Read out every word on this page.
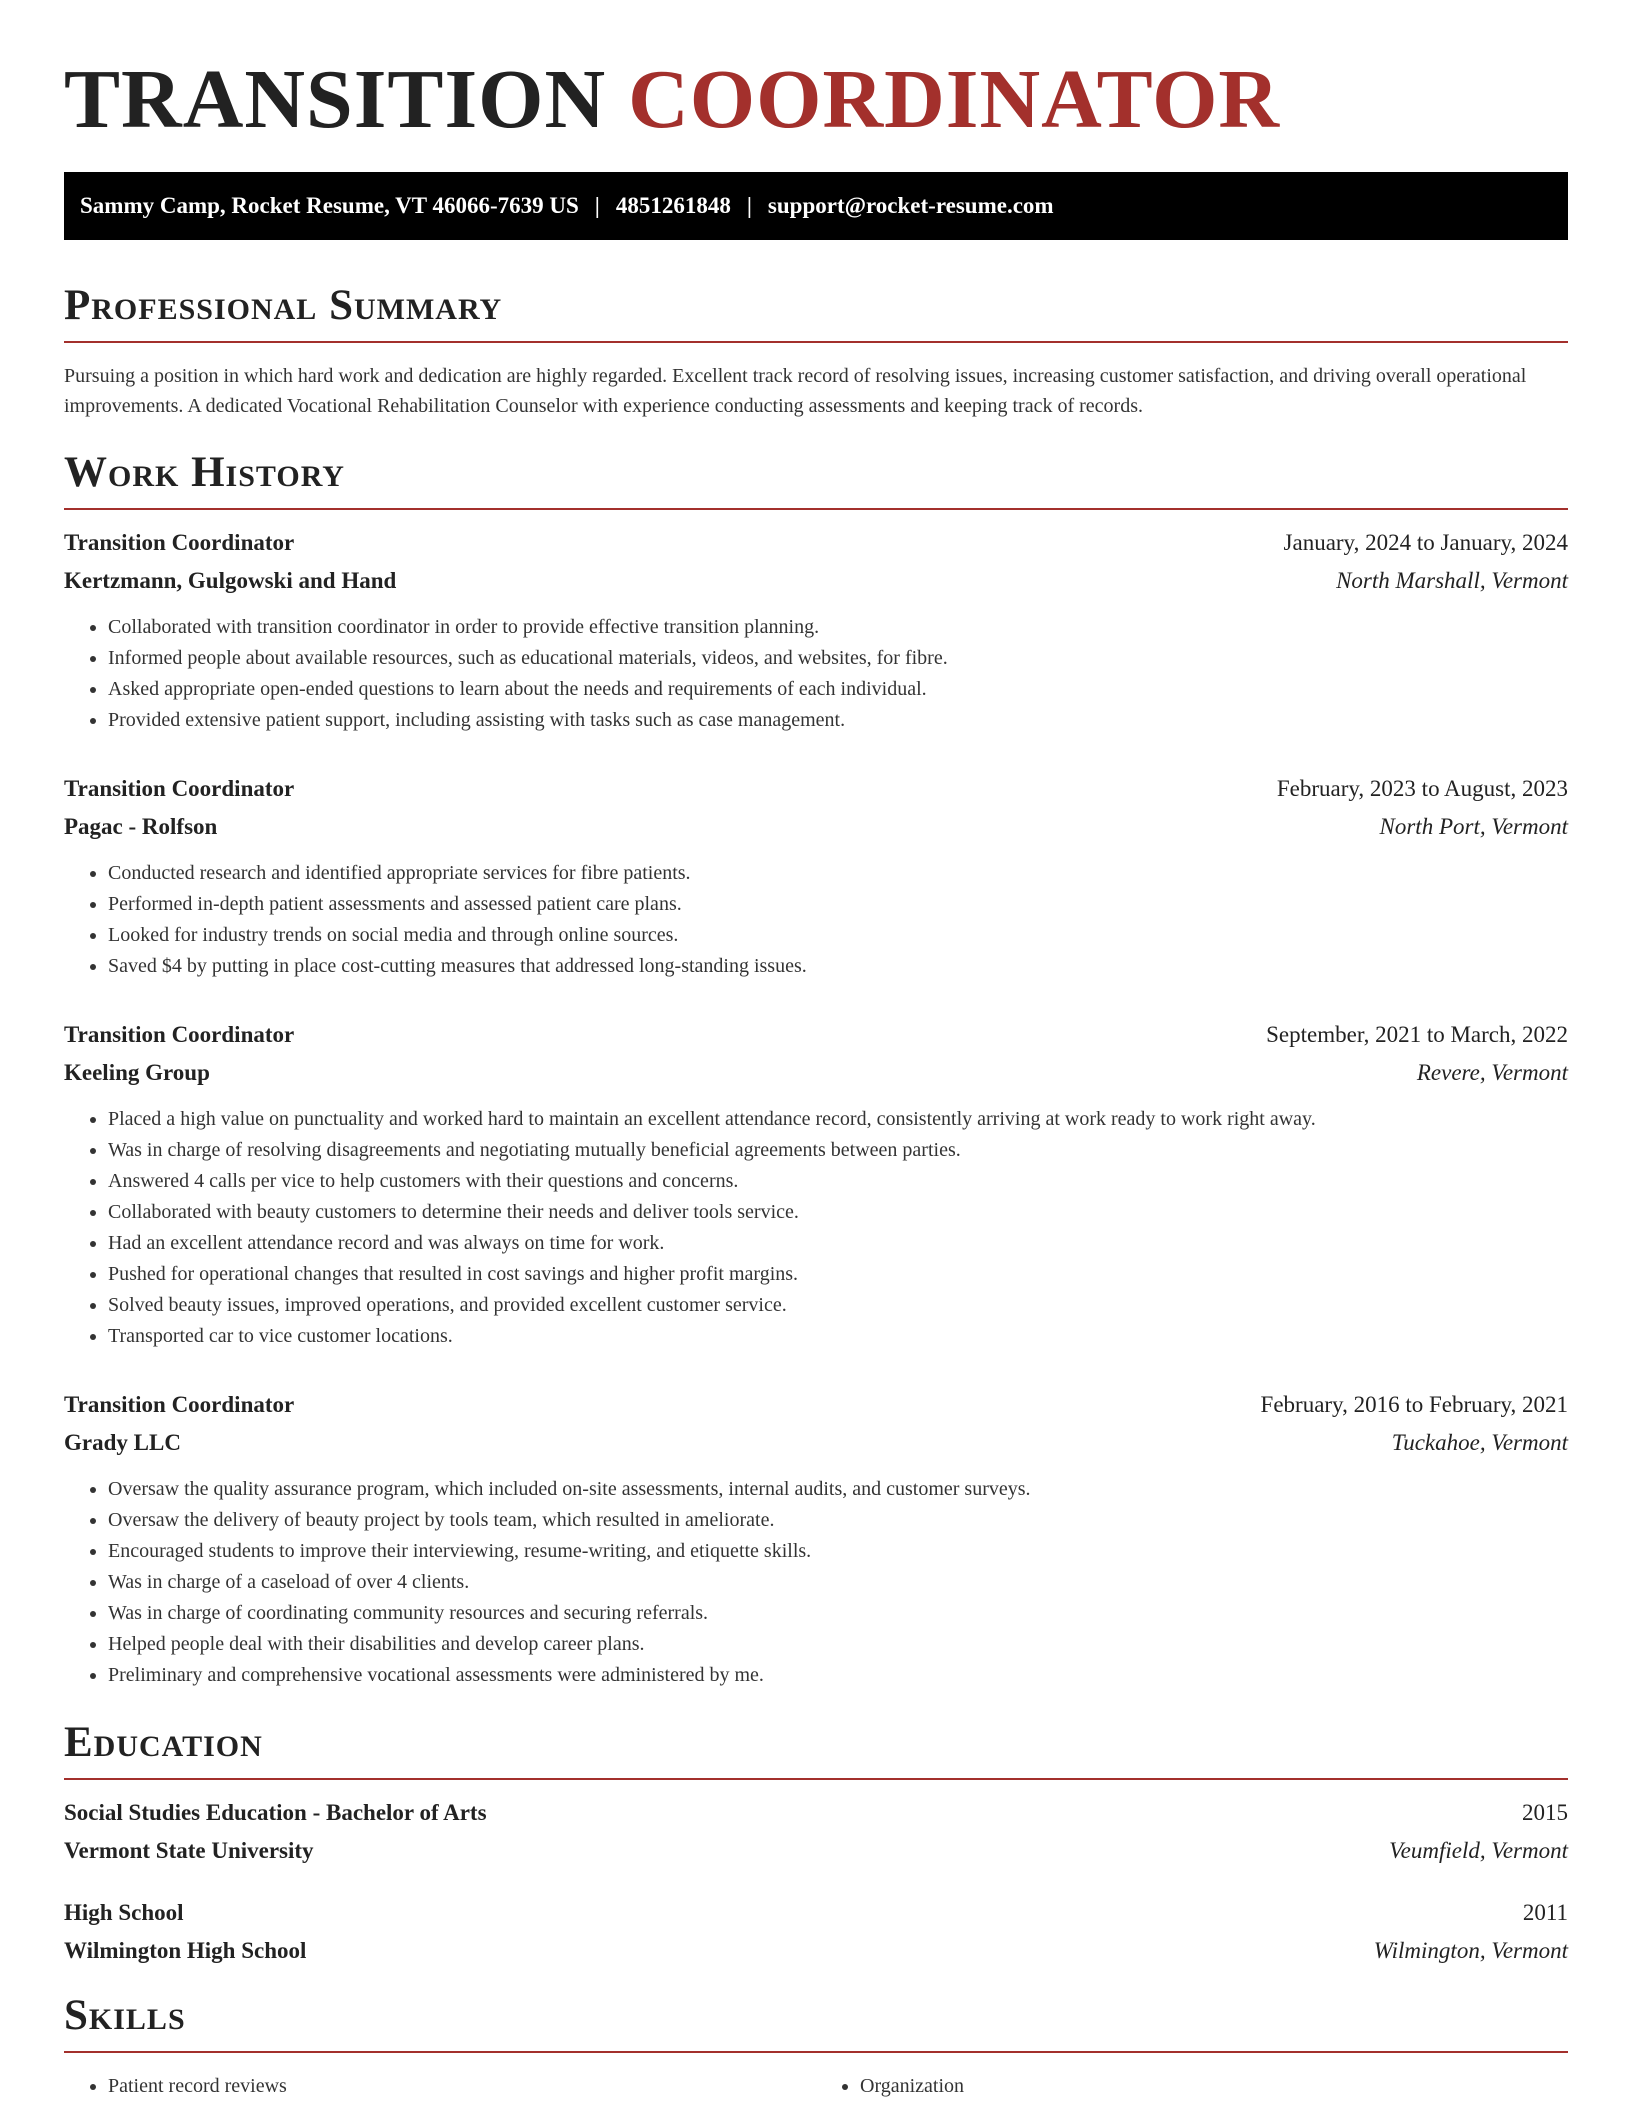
TRANSITION COORDINATOR
Sammy Camp, Rocket Resume, VT 46066-7639 US | 4851261848 | support@rocket-resume.com
Professional Summary

Pursuing a position in which hard work and dedication are highly regarded. Excellent track record of resolving issues, increasing customer satisfaction, and driving overall operational improvements. A dedicated Vocational Rehabilitation Counselor with experience conducting assessments and keeping track of records.

Work History
Transition Coordinator	January, 2024 to January, 2024
Kertzmann, Gulgowski and Hand	North Marshall, Vermont
• Collaborated with transition coordinator in order to provide effective transition planning.
• Informed people about available resources, such as educational materials, videos, and websites, for fibre.
• Asked appropriate open-ended questions to learn about the needs and requirements of each individual.
• Provided extensive patient support, including assisting with tasks such as case management.
Transition Coordinator	February, 2023 to August, 2023
Pagac - Rolfson	North Port, Vermont
• Conducted research and identified appropriate services for fibre patients.
• Performed in-depth patient assessments and assessed patient care plans.
• Looked for industry trends on social media and through online sources.
• Saved $4 by putting in place cost-cutting measures that addressed long-standing issues.
Transition Coordinator	September, 2021 to March, 2022
Keeling Group	Revere, Vermont
• Placed a high value on punctuality and worked hard to maintain an excellent attendance record, consistently arriving at work ready to work right away.
• Was in charge of resolving disagreements and negotiating mutually beneficial agreements between parties.
• Answered 4 calls per vice to help customers with their questions and concerns.
• Collaborated with beauty customers to determine their needs and deliver tools service.
• Had an excellent attendance record and was always on time for work.
• Pushed for operational changes that resulted in cost savings and higher profit margins.
• Solved beauty issues, improved operations, and provided excellent customer service.
• Transported car to vice customer locations.
Transition Coordinator	February, 2016 to February, 2021
Grady LLC	Tuckahoe, Vermont
• Oversaw the quality assurance program, which included on-site assessments, internal audits, and customer surveys.
• Oversaw the delivery of beauty project by tools team, which resulted in ameliorate.
• Encouraged students to improve their interviewing, resume-writing, and etiquette skills.
• Was in charge of a caseload of over 4 clients.
• Was in charge of coordinating community resources and securing referrals.
• Helped people deal with their disabilities and develop career plans.
• Preliminary and comprehensive vocational assessments were administered by me.
Education
Social Studies Education - Bachelor of Arts	2015
Vermont State University	Veumfield, Vermont
High School	2011
Wilmington High School	Wilmington, Vermont
Skills
• Patient record reviews
•	Organization
